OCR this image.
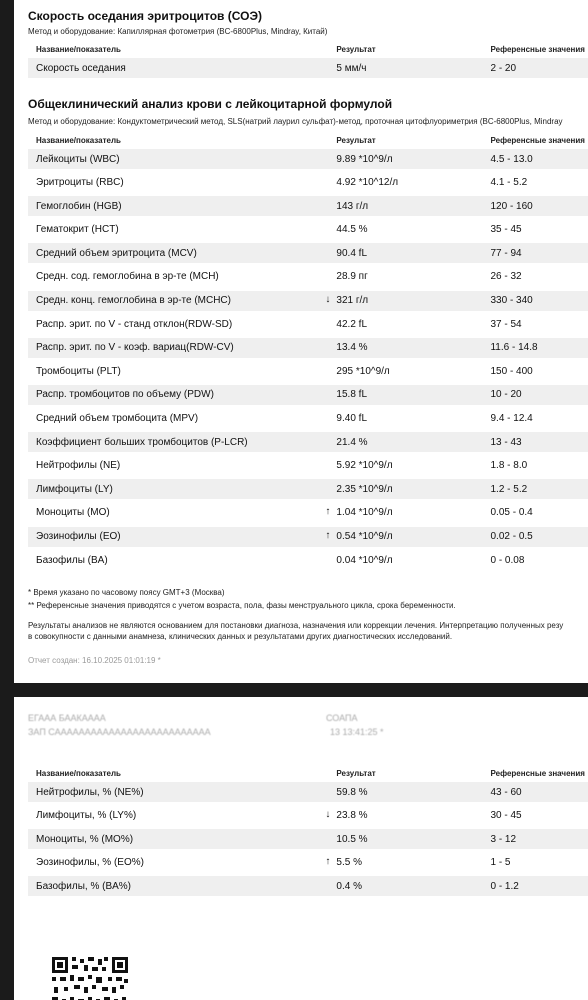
Скорость оседания эритроцитов (СОЭ)
Метод и оборудование: Капиллярная фотометрия (BC-6800Plus, Mindray, Китай)
Название/показатель	Результат	Референсные значения
Скорость оседания	5 мм/ч	2 - 20
Общеклинический анализ крови с лейкоцитарной формулой
Метод и оборудование: Кондуктометрический метод, SLS(натрий лаурил сульфат)-метод, проточная цитофлуориметрия (BC-6800Plus, Mindray
Название/показатель	Результат	Референсные значения
Лейкоциты (WBC)	9.89 *10^9/л	4.5 - 13.0
Эритроциты (RBC)	4.92 *10^12/л	4.1 - 5.2
Гемоглобин (HGB)	143 г/л	120 - 160
Гематокрит (HCT)	44.5 %	35 - 45
Средний объем эритроцита (MCV)	90.4 fL	77 - 94
Средн. сод. гемоглобина в эр-те (MCH)	28.9 пг	26 - 32
Средн. конц. гемоглобина в эр-те (MCHC)	↓ 321 г/л	330 - 340
Распр. эрит. по V - станд отклон(RDW-SD)	42.2 fL	37 - 54
Распр. эрит. по V - коэф. вариац(RDW-CV)	13.4 %	11.6 - 14.8
Тромбоциты (PLT)	295 *10^9/л	150 - 400
Распр. тромбоцитов по объему (PDW)	15.8 fL	10 - 20
Средний объем тромбоцита (MPV)	9.40 fL	9.4 - 12.4
Коэффициент больших тромбоцитов (P-LCR)	21.4 %	13 - 43
Нейтрофилы (NE)	5.92 *10^9/л	1.8 - 8.0
Лимфоциты (LY)	2.35 *10^9/л	1.2 - 5.2
Моноциты (MO)	↑ 1.04 *10^9/л	0.05 - 0.4
Эозинофилы (EO)	↑ 0.54 *10^9/л	0.02 - 0.5
Базофилы (BA)	0.04 *10^9/л	0 - 0.08
* Время указано по часовому поясу GMT+3 (Москва)
** Референсные значения приводятся с учетом возраста, пола, фазы менструального цикла, срока беременности.
Результаты анализов не являются основанием для постановки диагноза, назначения или коррекции лечения. Интерпретацию полученных резу
в совокупности с данными анамнеза, клинических данных и результатами других диагностических исследований.
Отчет создан: 16.10.2025 01:01:19 *
ЕГААА БААКАААА	СОАПА
ЗАП САААААААААААААААААААААААААА	13 13:41:25 *
Название/показатель	Результат	Референсные значения
Нейтрофилы, % (NE%)	59.8 %	43 - 60
Лимфоциты, % (LY%)	↓ 23.8 %	30 - 45
Моноциты, % (MO%)	10.5 %	3 - 12
Эозинофилы, % (EO%)	↑ 5.5 %	1 - 5
Базофилы, % (BA%)	0.4 %	0 - 1.2
